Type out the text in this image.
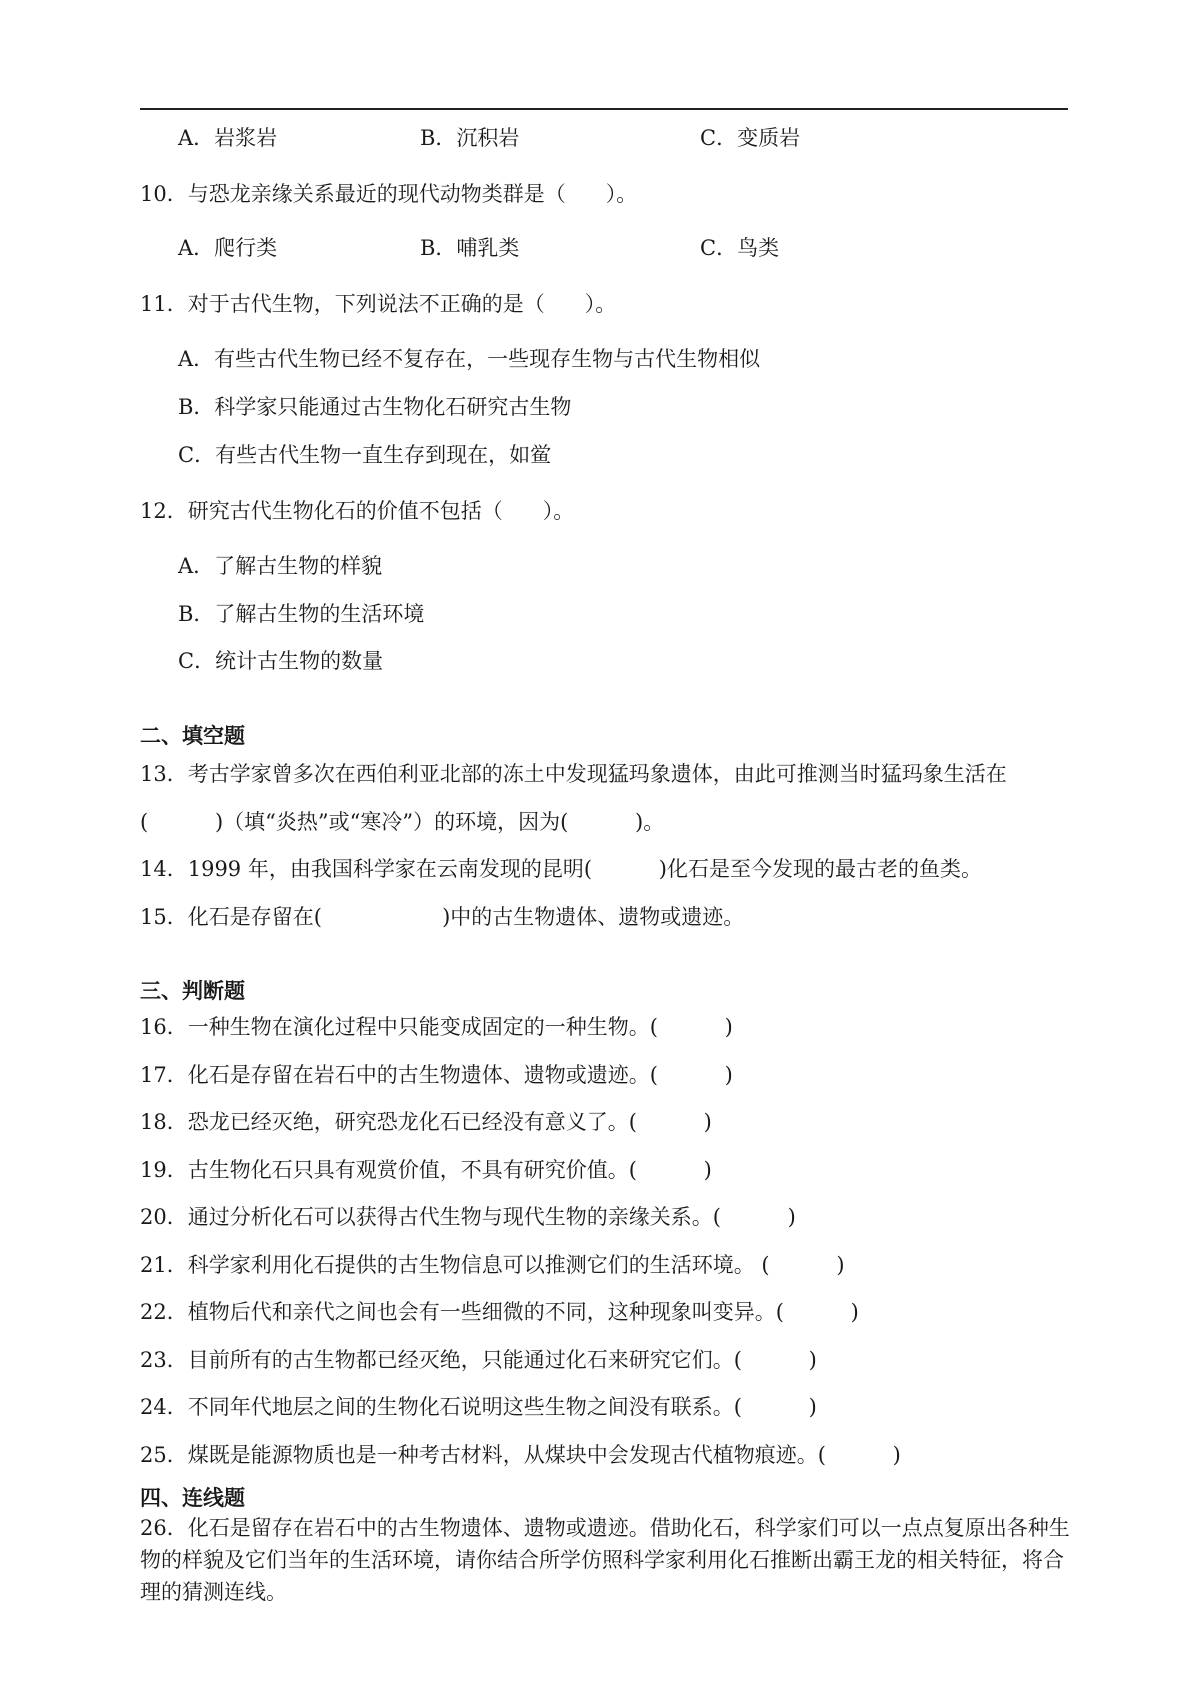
A．岩浆岩	B．沉积岩	C．变质岩
10．与恐龙亲缘关系最近的现代动物类群是（      ）。
A．爬行类	B．哺乳类	C．鸟类
11．对于古代生物，下列说法不正确的是（      ）。
A．有些古代生物已经不复存在，一些现存生物与古代生物相似
B．科学家只能通过古生物化石研究古生物
C．有些古代生物一直生存到现在，如鲎
12．研究古代生物化石的价值不包括（      ）。
A．了解古生物的样貌
B．了解古生物的生活环境
C．统计古生物的数量
二、填空题
13．考古学家曾多次在西伯利亚北部的冻土中发现猛玛象遗体，由此可推测当时猛玛象生活在
(          )（填“炎热”或“寒冷”）的环境，因为(          )。
14．1999 年，由我国科学家在云南发现的昆明(          )化石是至今发现的最古老的鱼类。
15．化石是存留在(                  )中的古生物遗体、遗物或遗迹。
三、判断题
16．一种生物在演化过程中只能变成固定的一种生物。(          )
17．化石是存留在岩石中的古生物遗体、遗物或遗迹。(          )
18．恐龙已经灭绝，研究恐龙化石已经没有意义了。(          )
19．古生物化石只具有观赏价值，不具有研究价值。(          )
20．通过分析化石可以获得古代生物与现代生物的亲缘关系。(          )
21．科学家利用化石提供的古生物信息可以推测它们的生活环境。 (          )
22．植物后代和亲代之间也会有一些细微的不同，这种现象叫变异。(          )
23．目前所有的古生物都已经灭绝，只能通过化石来研究它们。(          )
24．不同年代地层之间的生物化石说明这些生物之间没有联系。(          )
25．煤既是能源物质也是一种考古材料，从煤块中会发现古代植物痕迹。(          )
四、连线题
26．化石是留存在岩石中的古生物遗体、遗物或遗迹。借助化石，科学家们可以一点点复原出各种生物的样貌及它们当年的生活环境，请你结合所学仿照科学家利用化石推断出霸王龙的相关特征，将合理的猜测连线。
